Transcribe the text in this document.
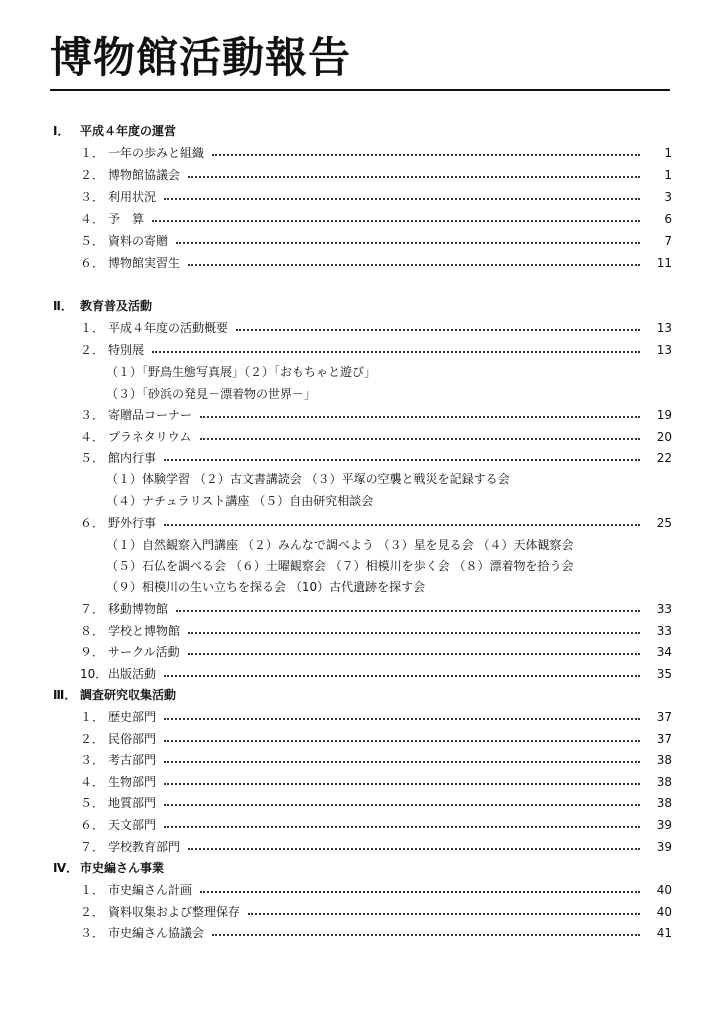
博物館活動報告
Ⅰ． 平成４年度の運営
１． 一年の歩みと組織	1
２． 博物館協議会	1
３． 利用状況	3
４． 予　算	6
５． 資料の寄贈	7
６． 博物館実習生	11
Ⅱ． 教育普及活動
１． 平成４年度の活動概要	13
２． 特別展	13
（１）「野鳥生態写真展」（２）「おもちゃと遊び」
（３）「砂浜の発見－漂着物の世界－」
３． 寄贈品コーナー	19
４． プラネタリウム	20
５． 館内行事	22
（１）体験学習 （２）古文書講読会 （３）平塚の空襲と戦災を記録する会
（４）ナチュラリスト講座 （５）自由研究相談会
６． 野外行事	25
（１）自然観察入門講座 （２）みんなで調べよう （３）星を見る会 （４）天体観察会
（５）石仏を調べる会 （６）土曜観察会 （７）相模川を歩く会 （８）漂着物を拾う会
（９）相模川の生い立ちを探る会 （10）古代遺跡を探す会
７． 移動博物館	33
８． 学校と博物館	33
９． サークル活動	34
10． 出版活動	35
Ⅲ． 調査研究収集活動
１． 歴史部門	37
２． 民俗部門	37
３． 考古部門	38
４． 生物部門	38
５． 地質部門	38
６． 天文部門	39
７． 学校教育部門	39
Ⅳ． 市史編さん事業
１． 市史編さん計画	40
２． 資料収集および整理保存	40
３． 市史編さん協議会	41
